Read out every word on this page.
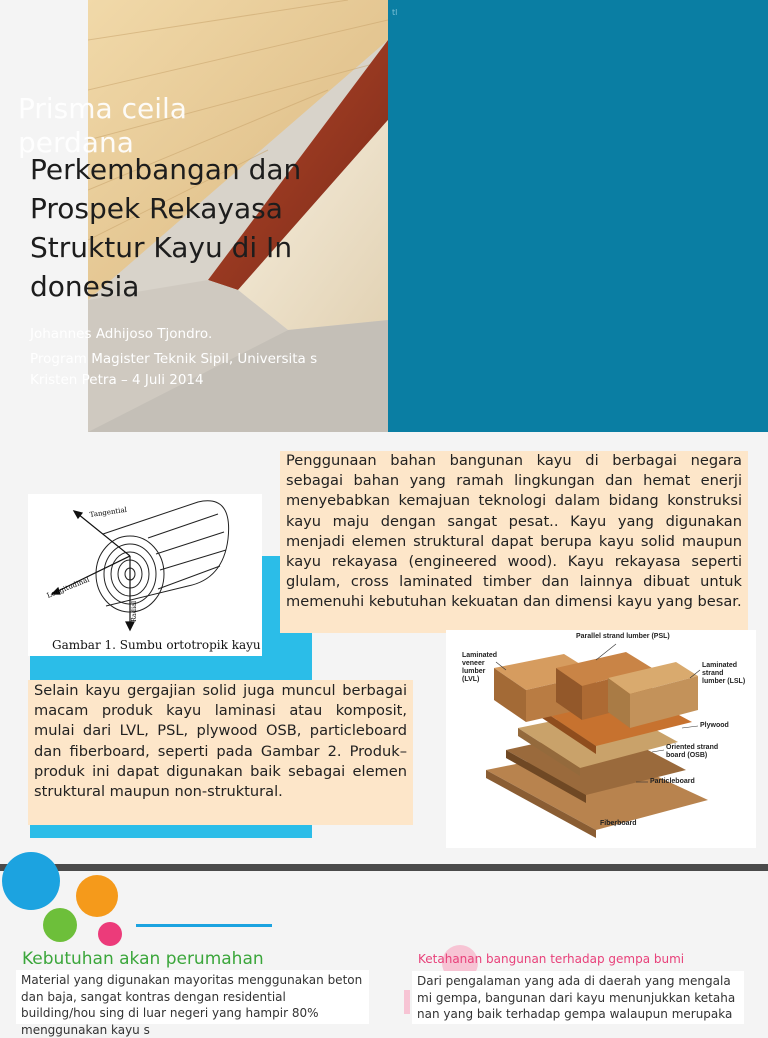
tl
Prisma ceila perdana
Perkembangan dan Prospek Rekayasa Struktur Kayu di In donesia
Johannes Adhijoso Tjondro.
Program Magister Teknik Sipil, Universita s Kristen Petra – 4 Juli 2014
Tangential
Longitudinal
Radial
Gambar 1. Sumbu ortotropik kayu
Penggunaan bahan bangunan kayu di berbagai negara sebagai bahan yang ramah lingkungan dan hemat enerji menyebabkan kemajuan teknologi dalam bidang konstruksi kayu maju dengan sangat pesat.. Kayu yang digunakan menjadi elemen struktural dapat berupa kayu solid maupun kayu rekayasa (engineered wood). Kayu rekayasa seperti glulam, cross laminated timber dan lainnya dibuat untuk memenuhi kebutuhan kekuatan dan dimensi kayu yang besar.
Selain kayu gergajian solid juga muncul berbagai macam produk kayu laminasi atau komposit, mulai dari LVL, PSL, plywood OSB, particleboard dan fiberboard, seperti pada Gambar 2. Produk–produk ini dapat digunakan baik sebagai elemen struktural maupun non-struktural.
Parallel strand lumber (PSL)
Laminated veneer lumber (LVL)
Laminated strand lumber (LSL)
Plywood
Oriented strand board (OSB)
Particleboard
Fiberboard
Kebutuhan akan perumahan
Material yang digunakan mayoritas menggunakan beton dan baja, sangat kontras dengan residential building/hou sing di luar negeri yang hampir 80% menggunakan kayu s
Ketahanan bangunan terhadap gempa bumi
Dari pengalaman yang ada di daerah yang mengala mi gempa, bangunan dari kayu menunjukkan ketaha nan yang baik terhadap gempa walaupun merupaka
